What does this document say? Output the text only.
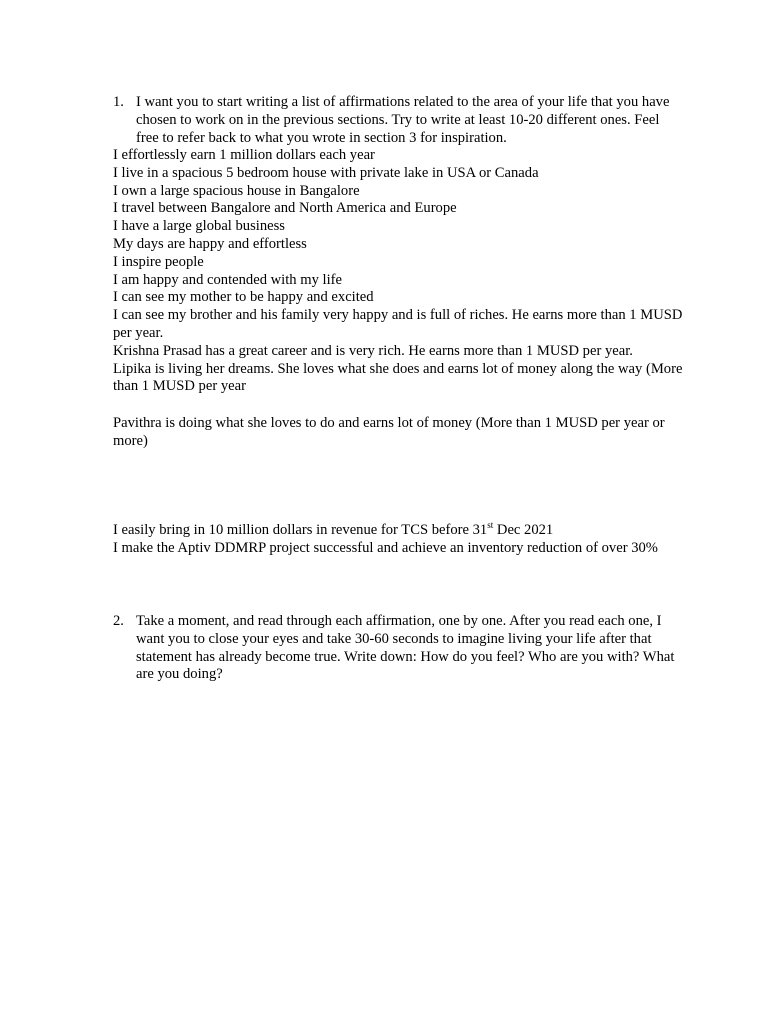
1. I want you to start writing a list of affirmations related to the area of your life that you have chosen to work on in the previous sections. Try to write at least 10-20 different ones. Feel free to refer back to what you wrote in section 3 for inspiration.
I effortlessly earn 1 million dollars each year
I live in a spacious 5 bedroom house with private lake in USA or Canada
I own a large spacious house in Bangalore
I travel between Bangalore and North America and Europe
I have a large global business
My days are happy and effortless
I inspire people
I am happy and contended with my life
I can see my mother to be happy and excited
I can see my brother and his family very happy and is full of riches. He earns more than 1 MUSD per year.
Krishna Prasad has a great career and is very rich. He earns more than 1 MUSD per year.
Lipika is living her dreams. She loves what she does and earns lot of money along the way (More than 1 MUSD per year
Pavithra is doing what she loves to do and earns lot of money (More than 1 MUSD per year or more)
I easily bring in 10 million dollars in revenue for TCS before 31st Dec 2021
I make the Aptiv DDMRP project successful and achieve an inventory reduction of over 30%
2. Take a moment, and read through each affirmation, one by one. After you read each one, I want you to close your eyes and take 30-60 seconds to imagine living your life after that statement has already become true. Write down: How do you feel? Who are you with? What are you doing?
